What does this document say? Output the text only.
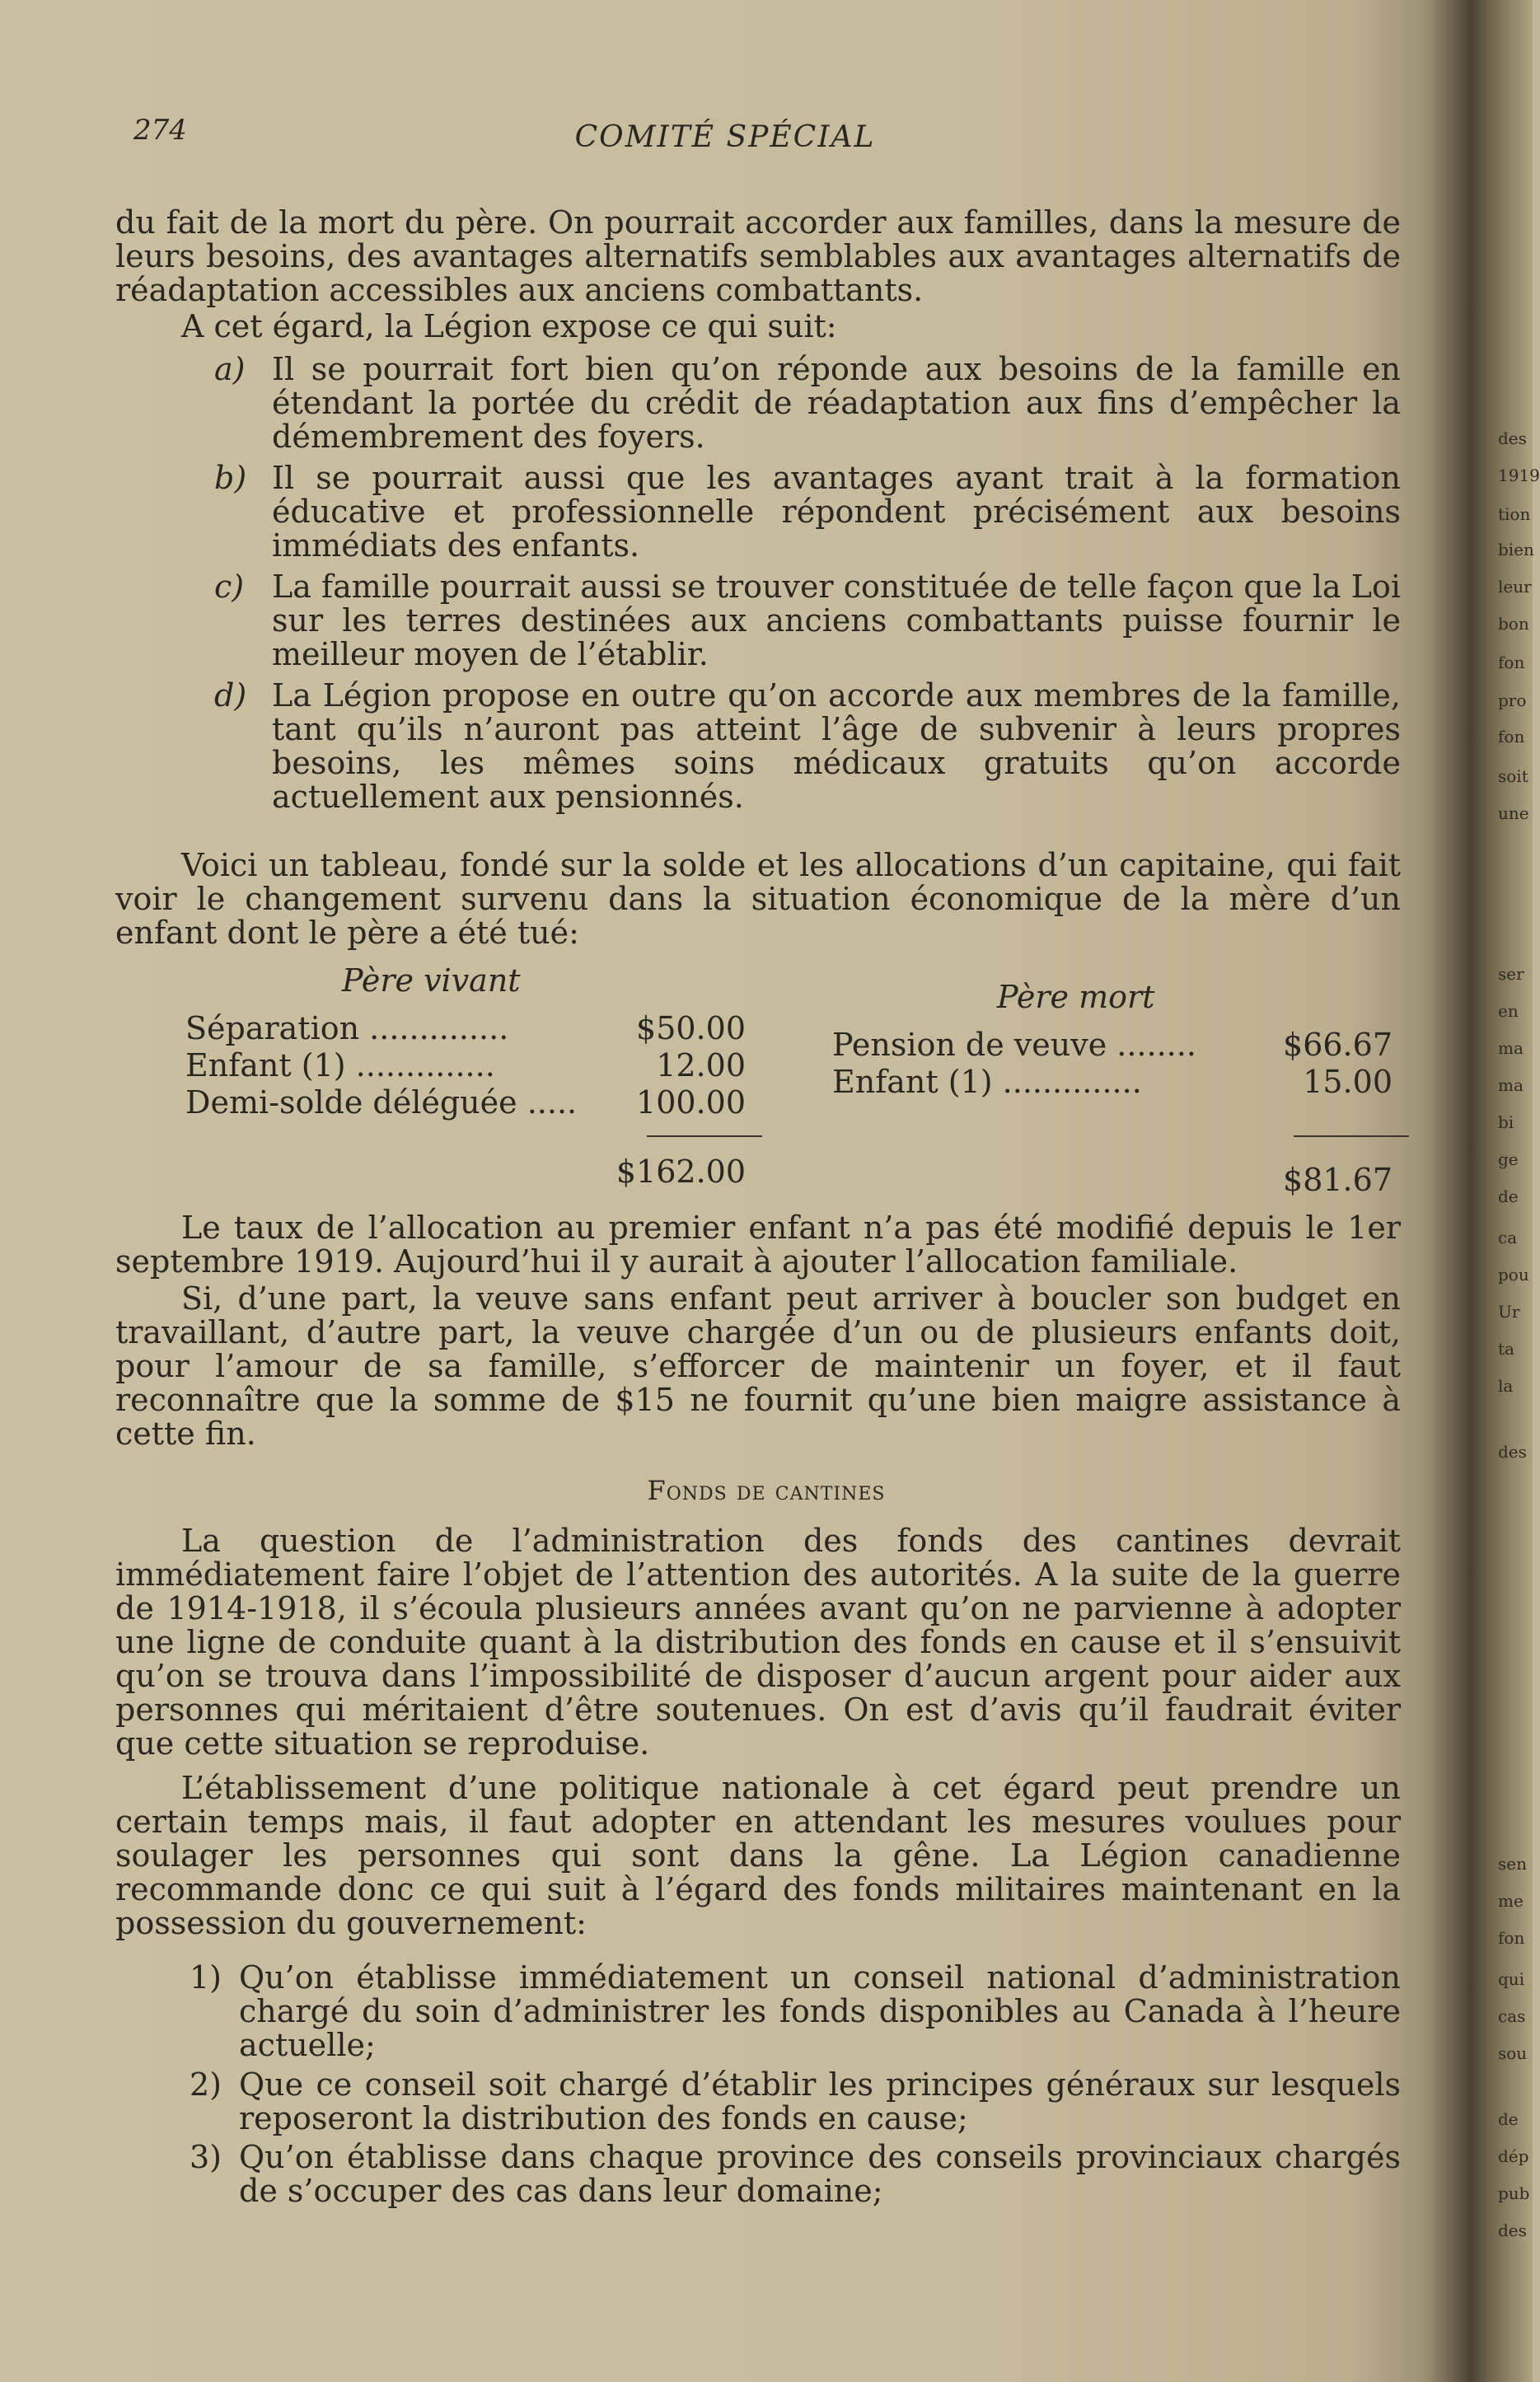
274	COMITÉ SPÉCIAL

du fait de la mort du père. On pourrait accorder aux familles, dans la mesure de leurs besoins, des avantages alternatifs semblables aux avantages alternatifs de réadaptation accessibles aux anciens combattants.

A cet égard, la Légion expose ce qui suit:

a) Il se pourrait fort bien qu’on réponde aux besoins de la famille en étendant la portée du crédit de réadaptation aux fins d’empêcher la démembrement des foyers.
b) Il se pourrait aussi que les avantages ayant trait à la formation éducative et professionnelle répondent précisément aux besoins immédiats des enfants.
c) La famille pourrait aussi se trouver constituée de telle façon que la Loi sur les terres destinées aux anciens combattants puisse fournir le meilleur moyen de l’établir.
d) La Légion propose en outre qu’on accorde aux membres de la famille, tant qu’ils n’auront pas atteint l’âge de subvenir à leurs propres besoins, les mêmes soins médicaux gratuits qu’on accorde actuellement aux pensionnés.

Voici un tableau, fondé sur la solde et les allocations d’un capitaine, qui fait voir le changement survenu dans la situation économique de la mère d’un enfant dont le père a été tué:

Père vivant
Séparation ..............	$50.00
Enfant (1) ..............	12.00
Demi-solde déléguée ..... 100.00
$162.00
Père mort
Pension de veuve ........	$66.67
Enfant (1) ..............	15.00
$81.67

Le taux de l’allocation au premier enfant n’a pas été modifié depuis le 1er septembre 1919. Aujourd’hui il y aurait à ajouter l’allocation familiale.

Si, d’une part, la veuve sans enfant peut arriver à boucler son budget en travaillant, d’autre part, la veuve chargée d’un ou de plusieurs enfants doit, pour l’amour de sa famille, s’efforcer de maintenir un foyer, et il faut reconnaître que la somme de $15 ne fournit qu’une bien maigre assistance à cette fin.

Fonds de cantines

La question de l’administration des fonds des cantines devrait immédiatement faire l’objet de l’attention des autorités. A la suite de la guerre de 1914-1918, il s’écoula plusieurs années avant qu’on ne parvienne à adopter une ligne de conduite quant à la distribution des fonds en cause et il s’ensuivit qu’on se trouva dans l’impossibilité de disposer d’aucun argent pour aider aux personnes qui méritaient d’être soutenues. On est d’avis qu’il faudrait éviter que cette situation se reproduise.

L’établissement d’une politique nationale à cet égard peut prendre un certain temps mais, il faut adopter en attendant les mesures voulues pour soulager les personnes qui sont dans la gêne. La Légion canadienne recommande donc ce qui suit à l’égard des fonds militaires maintenant en la possession du gouvernement:

1) Qu’on établisse immédiatement un conseil national d’administration chargé du soin d’administrer les fonds disponibles au Canada à l’heure actuelle;
2) Que ce conseil soit chargé d’établir les principes généraux sur lesquels reposeront la distribution des fonds en cause;
3) Qu’on établisse dans chaque province des conseils provinciaux chargés de s’occuper des cas dans leur domaine;
des
1919
tion
bien
leur
bon
fon
pro
fon
soit
une
ser
en
ma
ma
bi
ge
de
ca
pou
Ur
ta
la
des
sen
me
fon
qui
cas
sou
de
dép
pub
des
